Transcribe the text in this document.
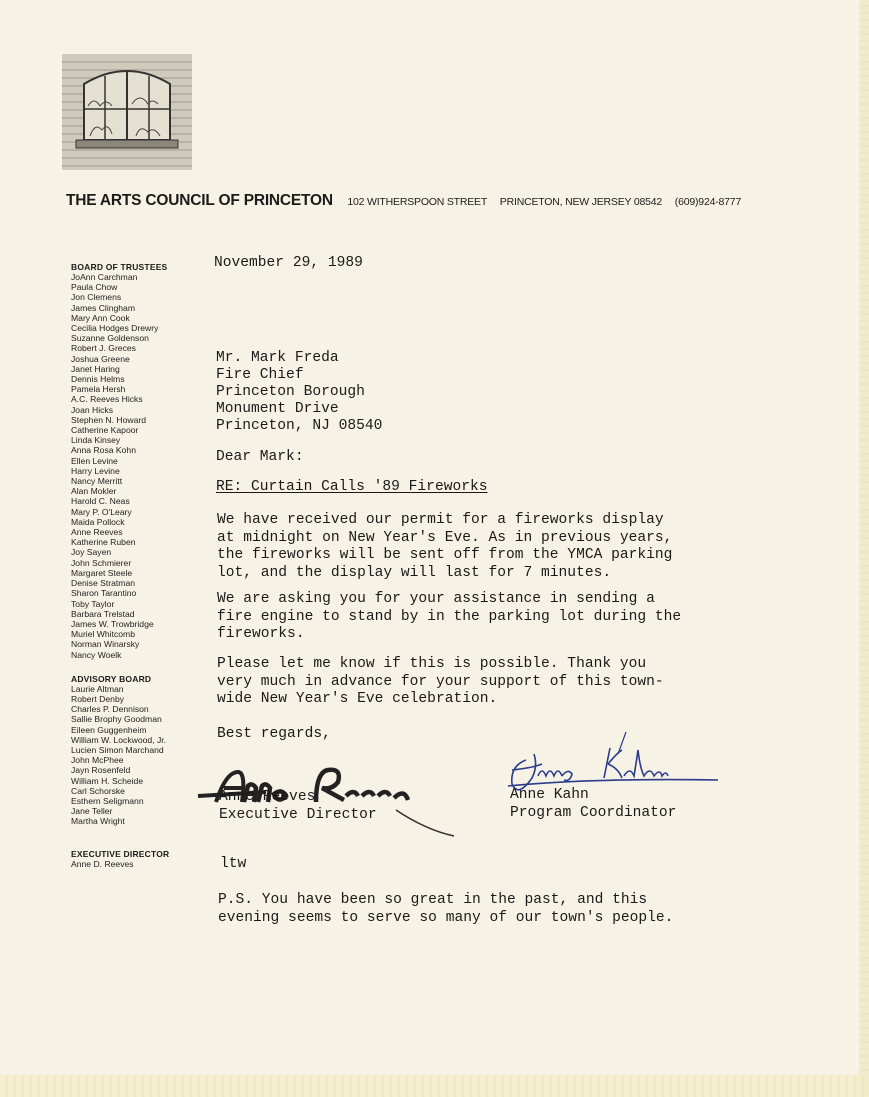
THE ARTS COUNCIL OF PRINCETON 102 WITHERSPOON STREET PRINCETON, NEW JERSEY 08542 (609)924-8777
BOARD OF TRUSTEES
JoAnn Carchman
Paula Chow
Jon Clemens
James Clingham
Mary Ann Cook
Cecilia Hodges Drewry
Suzanne Goldenson
Robert J. Greces
Joshua Greene
Janet Haring
Dennis Helms
Pamela Hersh
A.C. Reeves Hicks
Joan Hicks
Stephen N. Howard
Catherine Kapoor
Linda Kinsey
Anna Rosa Kohn
Ellen Levine
Harry Levine
Nancy Merritt
Alan Mokler
Harold C. Neas
Mary P. O'Leary
Maida Pollock
Anne Reeves
Katherine Ruben
Joy Sayen
John Schmierer
Margaret Steele
Denise Stratman
Sharon Tarantino
Toby Taylor
Barbara Trelstad
James W. Trowbridge
Muriel Whitcomb
Norman Winarsky
Nancy Woelk
ADVISORY BOARD
Laurie Altman
Robert Denby
Charles P. Dennison
Sallie Brophy Goodman
Eileen Guggenheim
William W. Lockwood, Jr.
Lucien Simon Marchand
John McPhee
Jayn Rosenfeld
William H. Scheide
Carl Schorske
Esthern Seligmann
Jane Teller
Martha Wright
EXECUTIVE DIRECTOR
Anne D. Reeves
November 29, 1989
Mr. Mark Freda
Fire Chief
Princeton Borough
Monument Drive
Princeton, NJ 08540
Dear Mark:
RE: Curtain Calls '89 Fireworks
We have received our permit for a fireworks display
at midnight on New Year's Eve. As in previous years,
the fireworks will be sent off from the YMCA parking
lot, and the display will last for 7 minutes.
We are asking you for your assistance in sending a
fire engine to stand by in the parking lot during the
fireworks.
Please let me know if this is possible. Thank you
very much in advance for your support of this town-
wide New Year's Eve celebration.
Best regards,
Anne Reeves
Executive Director
Anne Kahn
Program Coordinator
ltw
P.S. You have been so great in the past, and this
evening seems to serve so many of our town's people.
